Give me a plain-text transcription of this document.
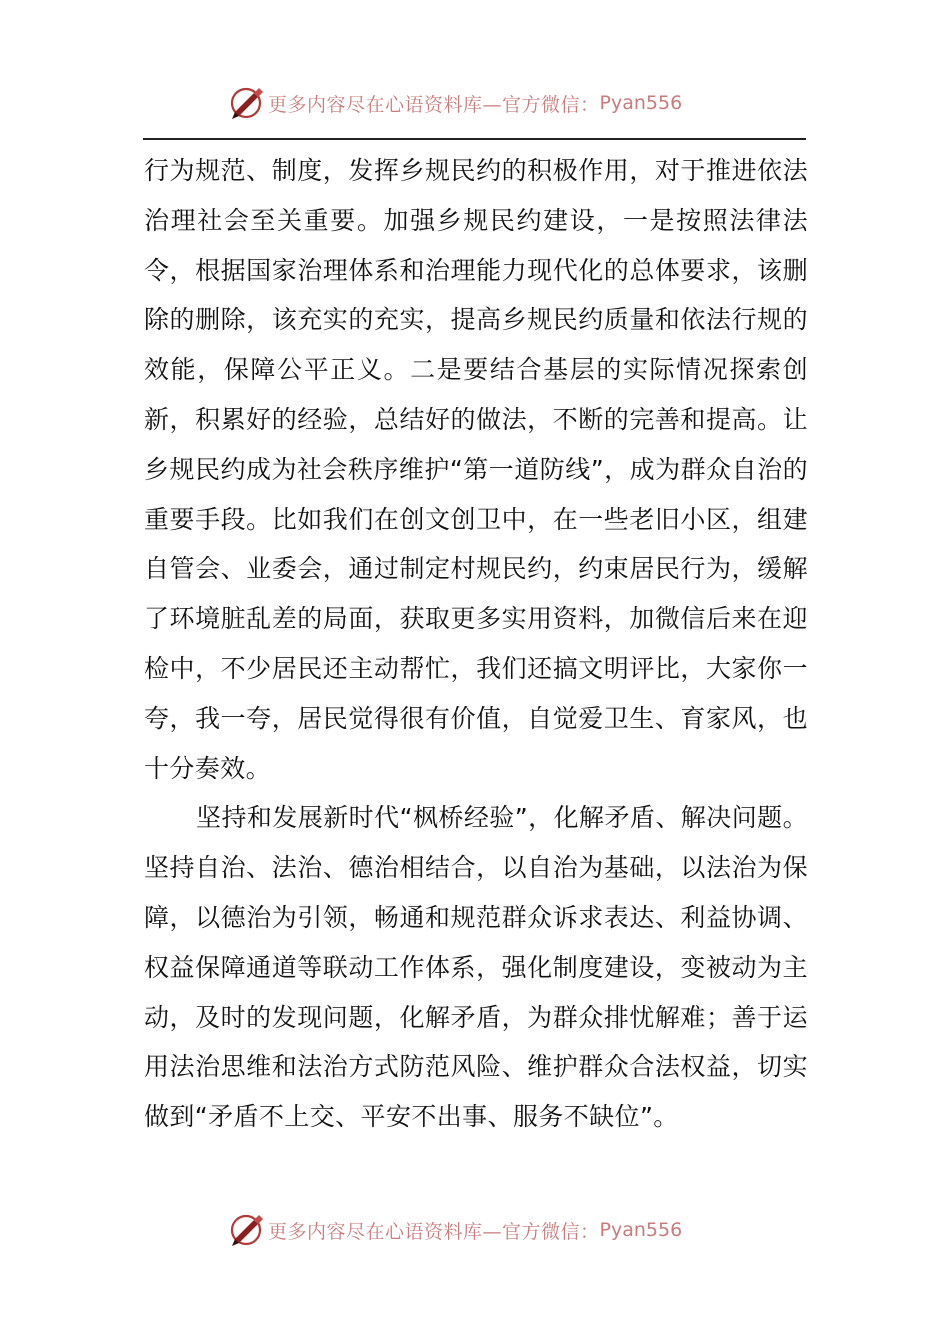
更多内容尽在心语资料库—官方微信： Pyan556

行为规范、制度，发挥乡规民约的积极作用，对于推进依法治理社会至关重要。加强乡规民约建设，一是按照法律法令，根据国家治理体系和治理能力现代化的总体要求，该删除的删除，该充实的充实，提高乡规民约质量和依法行规的效能，保障公平正义。二是要结合基层的实际情况探索创新，积累好的经验，总结好的做法，不断的完善和提高。让乡规民约成为社会秩序维护“第一道防线”，成为群众自治的重要手段。比如我们在创文创卫中，在一些老旧小区，组建自管会、业委会，通过制定村规民约，约束居民行为，缓解了环境脏乱差的局面，获取更多实用资料，加微信后来在迎检中，不少居民还主动帮忙，我们还搞文明评比，大家你一夸，我一夸，居民觉得很有价值，自觉爱卫生、育家风，也十分奏效。

坚持和发展新时代“枫桥经验”，化解矛盾、解决问题。坚持自治、法治、德治相结合，以自治为基础，以法治为保障，以德治为引领，畅通和规范群众诉求表达、利益协调、权益保障通道等联动工作体系，强化制度建设，变被动为主动，及时的发现问题，化解矛盾，为群众排忧解难；善于运用法治思维和法治方式防范风险、维护群众合法权益，切实做到“矛盾不上交、平安不出事、服务不缺位”。

更多内容尽在心语资料库—官方微信： Pyan556
